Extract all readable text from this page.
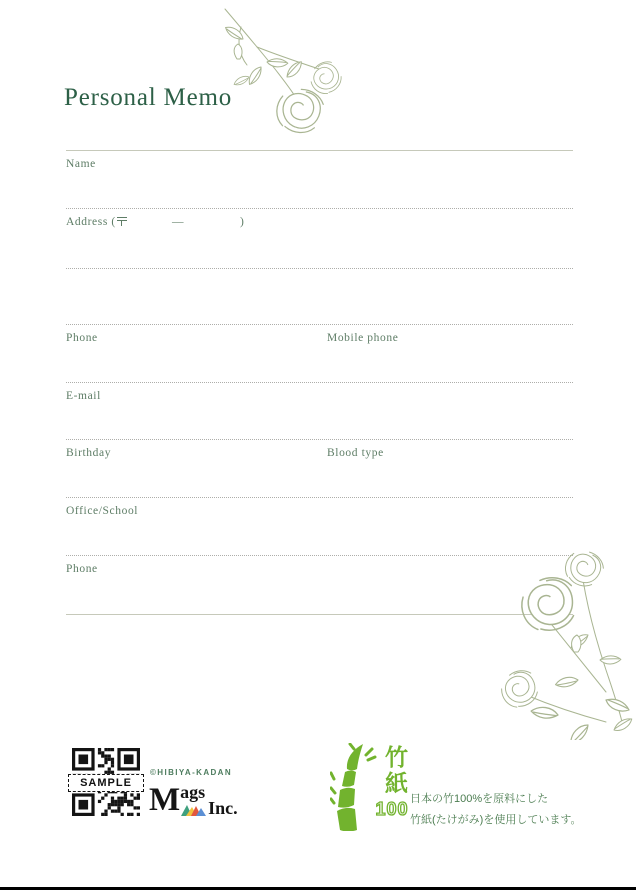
Personal Memo
Name
Address (	—	)
Phone	Mobile phone
E-mail
Birthday	Blood type
Office/School
Phone
SAMPLE
©HIBIYA-KADAN
M ags
Inc.
竹紙
100 日本の竹100%を原料にした
竹紙(たけがみ)を使用しています。
